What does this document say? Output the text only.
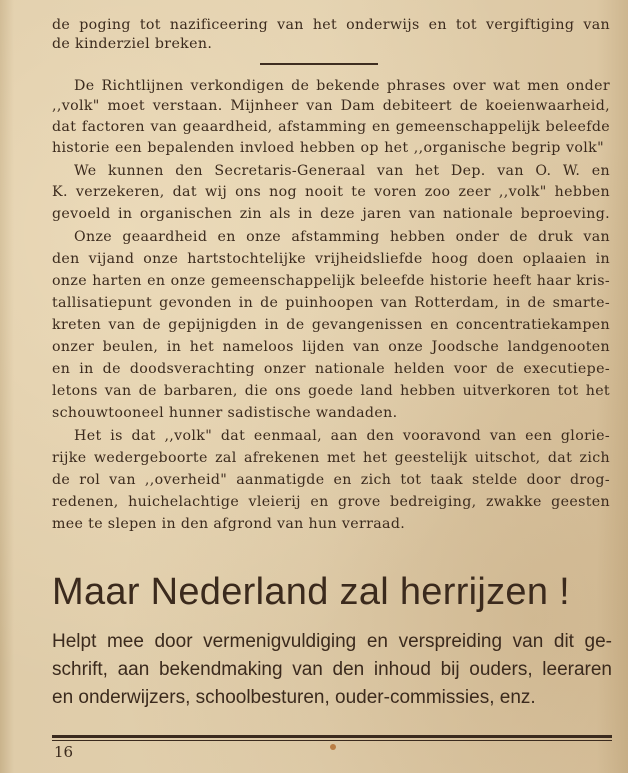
de poging tot nazificeering van het onderwijs en tot vergiftiging van
de kinderziel breken.
De Richtlijnen verkondigen de bekende phrases over wat men onder
,,volk" moet verstaan. Mijnheer van Dam debiteert de koeienwaarheid,
dat factoren van geaardheid, afstamming en gemeenschappelijk beleefde
historie een bepalenden invloed hebben op het ,,organische begrip volk"
We kunnen den Secretaris-Generaal van het Dep. van O. W. en
K. verzekeren, dat wij ons nog nooit te voren zoo zeer ,,volk" hebben
gevoeld in organischen zin als in deze jaren van nationale beproeving.
Onze geaardheid en onze afstamming hebben onder de druk van
den vijand onze hartstochtelijke vrijheidsliefde hoog doen oplaaien in
onze harten en onze gemeenschappelijk beleefde historie heeft haar kris-
tallisatiepunt gevonden in de puinhoopen van Rotterdam, in de smarte-
kreten van de gepijnigden in de gevangenissen en concentratiekampen
onzer beulen, in het nameloos lijden van onze Joodsche landgenooten
en in de doodsverachting onzer nationale helden voor de executiepe-
letons van de barbaren, die ons goede land hebben uitverkoren tot het
schouwtooneel hunner sadistische wandaden.
Het is dat ,,volk" dat eenmaal, aan den vooravond van een glorie-
rijke wedergeboorte zal afrekenen met het geestelijk uitschot, dat zich
de rol van ,,overheid" aanmatigde en zich tot taak stelde door drog-
redenen, huichelachtige vleierij en grove bedreiging, zwakke geesten
mee te slepen in den afgrond van hun verraad.
Maar Nederland zal herrijzen !
Helpt mee door vermenigvuldiging en verspreiding van dit ge-
schrift, aan bekendmaking van den inhoud bij ouders, leeraren
en onderwijzers, schoolbesturen, ouder-commissies, enz.
16
